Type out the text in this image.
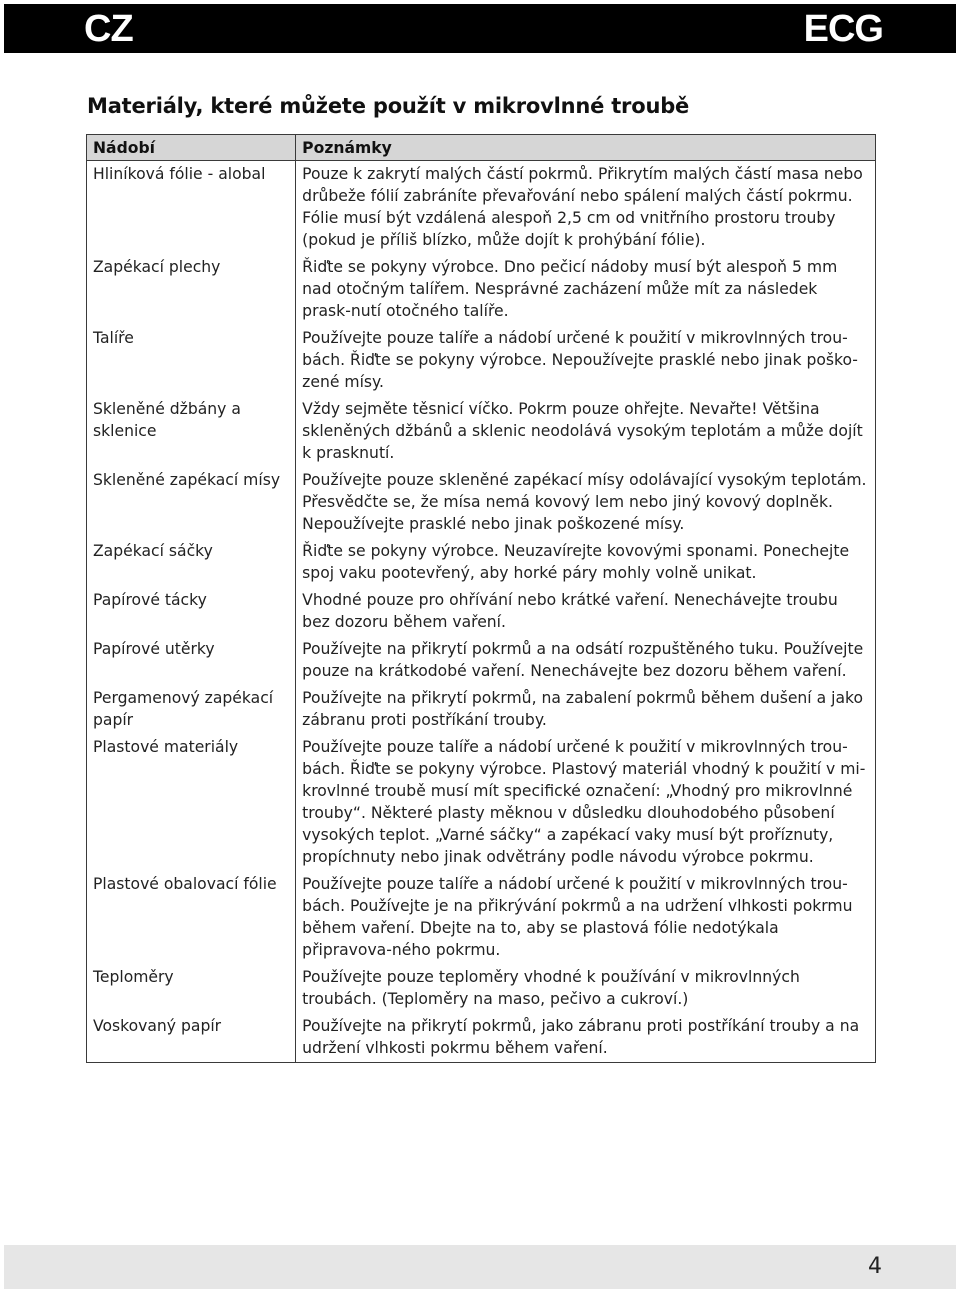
CZ	ECG
Materiály, které můžete použít v mikrovlnné troubě
Nádobí	Poznámky
Hliníková fólie - alobal	Pouze k zakrytí malých částí pokrmů. Přikrytím malých částí masa nebo drůbeže fólií zabráníte převařování nebo spálení malých částí pokrmu. Fólie musí být vzdálená alespoň 2,5 cm od vnitřního prostoru trouby (pokud je příliš blízko, může dojít k prohýbání fólie).
Zapékací plechy	Řiďte se pokyny výrobce. Dno pečicí nádoby musí být alespoň 5 mm nad otočným talířem. Nesprávné zacházení může mít za následek prask-nutí otočného talíře.
Talíře	Používejte pouze talíře a nádobí určené k použití v mikrovlnných trou-bách. Řiďte se pokyny výrobce. Nepoužívejte prasklé nebo jinak poško-zené mísy.
Skleněné džbány a sklenice	Vždy sejměte těsnicí víčko. Pokrm pouze ohřejte. Nevařte! Většina skleněných džbánů a sklenic neodolává vysokým teplotám a může dojít k prasknutí.
Skleněné zapékací mísy	Používejte pouze skleněné zapékací mísy odolávající vysokým teplotám. Přesvědčte se, že mísa nemá kovový lem nebo jiný kovový doplněk. Nepoužívejte prasklé nebo jinak poškozené mísy.
Zapékací sáčky	Řiďte se pokyny výrobce. Neuzavírejte kovovými sponami. Ponechejte spoj vaku pootevřený, aby horké páry mohly volně unikat.
Papírové tácky	Vhodné pouze pro ohřívání nebo krátké vaření. Nenechávejte troubu bez dozoru během vaření.
Papírové utěrky	Používejte na přikrytí pokrmů a na odsátí rozpuštěného tuku. Používejte pouze na krátkodobé vaření. Nenechávejte bez dozoru během vaření.
Pergamenový zapékací papír	Používejte na přikrytí pokrmů, na zabalení pokrmů během dušení a jako zábranu proti postříkání trouby.
Plastové materiály	Používejte pouze talíře a nádobí určené k použití v mikrovlnných trou-bách. Řiďte se pokyny výrobce. Plastový materiál vhodný k použití v mi-krovlnné troubě musí mít specifické označení: „Vhodný pro mikrovlnné trouby“. Některé plasty měknou v důsledku dlouhodobého působení vysokých teplot. „Varné sáčky“ a zapékací vaky musí být proříznuty, propíchnuty nebo jinak odvětrány podle návodu výrobce pokrmu.
Plastové obalovací fólie	Používejte pouze talíře a nádobí určené k použití v mikrovlnných trou-bách. Používejte je na přikrývání pokrmů a na udržení vlhkosti pokrmu během vaření. Dbejte na to, aby se plastová fólie nedotýkala připravova-ného pokrmu.
Teploměry	Používejte pouze teploměry vhodné k používání v mikrovlnných troubách. (Teploměry na maso, pečivo a cukroví.)
Voskovaný papír	Používejte na přikrytí pokrmů, jako zábranu proti postříkání trouby a na udržení vlhkosti pokrmu během vaření.
4
